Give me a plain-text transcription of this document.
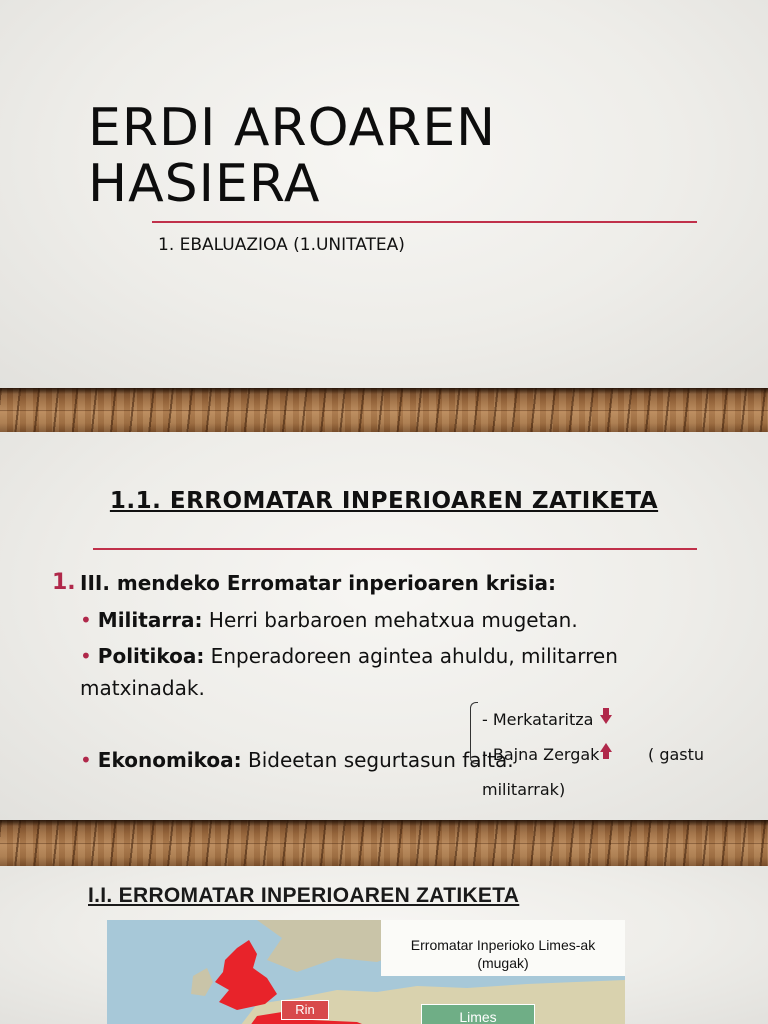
ERDI AROAREN
HASIERA
1. EBALUAZIOA (1.UNITATEA)
1.1. ERROMATAR INPERIOAREN ZATIKETA
1. III. mendeko Erromatar inperioaren krisia:
• Militarra: Herri barbaroen mehatxua mugetan.
• Politikoa: Enperadoreen agintea ahuldu, militarren matxinadak.
• Ekonomikoa: Bideetan segurtasun falta.
- Merkataritza
- Bajna Zergak	( gastu
militarrak)
I.I. ERROMATAR INPERIOAREN ZATIKETA
Erromatar Inperioko Limes-ak
(mugak)
Rin	Limes
